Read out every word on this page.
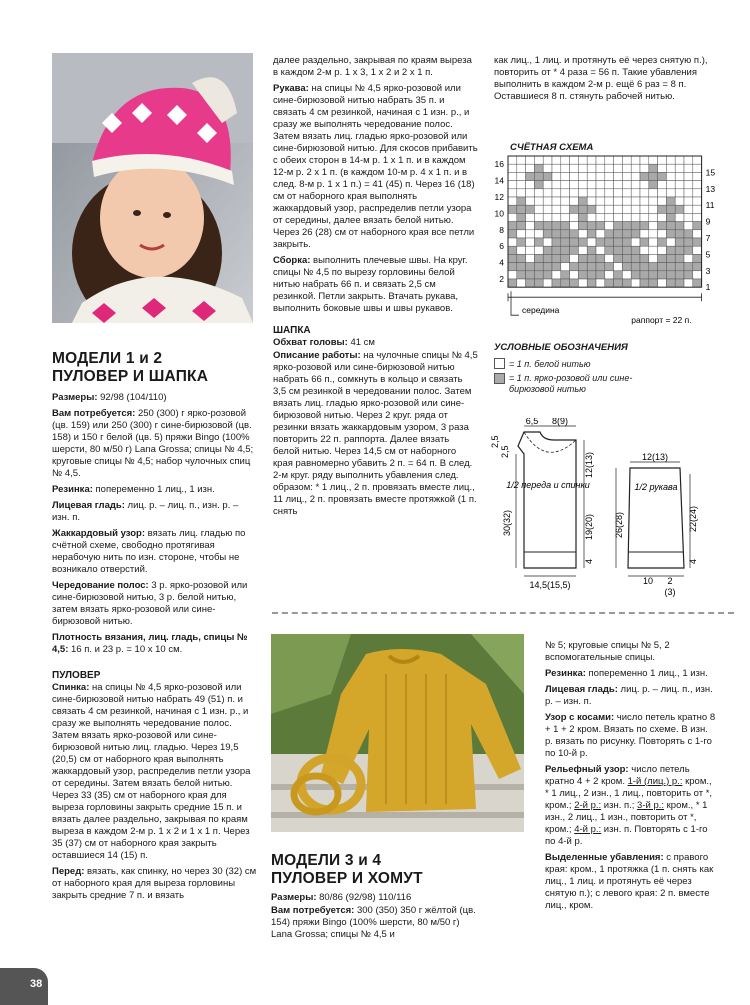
МОДЕЛИ 1 и 2
ПУЛОВЕР И ШАПКА

Размеры: 92/98 (104/110)

Вам потребуется: 250 (300) г ярко-розовой (цв. 159) или 250 (300) г сине-бирюзовой (цв. 158) и 150 г белой (цв. 5) пряжи Bingo (100% шерсти, 80 м/50 г) Lana Grossa; спицы № 4,5; круговые спицы № 4,5; набор чулочных спиц № 4,5.

Резинка: попеременно 1 лиц., 1 изн.

Лицевая гладь: лиц. р. – лиц. п., изн. р. – изн. п.

Жаккардовый узор: вязать лиц. гладью по счётной схеме, свободно протягивая нерабочую нить по изн. стороне, чтобы не возникало отверстий.

Чередование полос: 3 р. ярко-розовой или сине-бирюзовой нитью, 3 р. белой нитью, затем вязать ярко-розовой или сине-бирюзовой нитью.

Плотность вязания, лиц. гладь, спицы № 4,5: 16 п. и 23 р. = 10 х 10 см.

ПУЛОВЕР

Спинка: на спицы № 4,5 ярко-розовой или сине-бирюзовой нитью набрать 49 (51) п. и связать 4 см резинкой, начиная с 1 изн. р., и сразу же выполнять чередование полос. Затем вязать ярко-розовой или сине-бирюзовой нитью лиц. гладью. Через 19,5 (20,5) см от наборного края выполнять жаккардовый узор, распределив петли узора от середины. Затем вязать белой нитью. Через 33 (35) см от наборного края для выреза горловины закрыть средние 15 п. и вязать далее раздельно, закрывая по краям выреза в каждом 2-м р. 1 х 2 и 1 х 1 п. Через 35 (37) см от наборного края закрыть оставшиеся 14 (15) п.

Перед: вязать, как спинку, но через 30 (32) см от наборного края для выреза горловины закрыть средние 7 п. и вязать

далее раздельно, закрывая по краям выреза в каждом 2-м р. 1 х 3, 1 х 2 и 2 х 1 п.

Рукава: на спицы № 4,5 ярко-розовой или сине-бирюзовой нитью набрать 35 п. и связать 4 см резинкой, начиная с 1 изн. р., и сразу же выполнять чередование полос. Затем вязать лиц. гладью ярко-розовой или сине-бирюзовой нитью. Для скосов прибавить с обеих сторон в 14-м р. 1 х 1 п. и в каждом 12-м р. 2 х 1 п. (в каждом 10-м р. 4 х 1 п. и в след. 8-м р. 1 х 1 п.) = 41 (45) п. Через 16 (18) см от наборного края выполнять жаккардовый узор, распределив петли узора от середины, далее вязать белой нитью. Через 26 (28) см от наборного края все петли закрыть.

Сборка: выполнить плечевые швы. На круг. спицы № 4,5 по вырезу горловины белой нитью набрать 66 п. и связать 2,5 см резинкой. Петли закрыть. Втачать рукава, выполнить боковые швы и швы рукавов.

ШАПКА

Обхват головы: 41 см

Описание работы: на чулочные спицы № 4,5 ярко-розовой или сине-бирюзовой нитью набрать 66 п., сомкнуть в кольцо и связать 3,5 см резинкой в чередовании полос. Затем вязать лиц. гладью ярко-розовой или сине-бирюзовой нитью. Через 2 круг. ряда от резинки вязать жаккардовым узором, 3 раза повторить 22 п. раппорта. Далее вязать белой нитью. Через 14,5 см от наборного края равномерно убавить 2 п. = 64 п. В след. 2-м круг. ряду выполнить убавления след. образом: * 1 лиц., 2 п. провязать вместе лиц., 11 лиц., 2 п. провязать вместе протяжкой (1 п. снять

как лиц., 1 лиц. и протянуть её через снятую п.), повторить от * 4 раза = 56 п. Такие убавления выполнить в каждом 2-м р. ещё 6 раз = 8 п. Оставшиеся 8 п. стянуть рабочей нитью.

СЧЁТНАЯ СХЕМА
16
14
12
10
8
6
4
2
15
13
11
9
7
5
3
1
середина
раппорт = 22 п.
УСЛОВНЫЕ ОБОЗНАЧЕНИЯ
= 1 п. белой нитью
= 1 п. ярко-розовой или сине-бирюзовой нитью
1/2 переда и спинки
6,5 8(9)
2,5
2,5
30(32)
12(13)
19(20)
4
14,5(15,5)
1/2 рукава
12(13)
26(28)	22(24)
4
10 2
(3)
МОДЕЛИ 3 и 4
ПУЛОВЕР И ХОМУТ

Размеры: 80/86 (92/98) 110/116

Вам потребуется: 300 (350) 350 г жёлтой (цв. 154) пряжи Bingo (100% шерсти, 80 м/50 г) Lana Grossa; спицы № 4,5 и

№ 5; круговые спицы № 5, 2 вспомогательные спицы.

Резинка: попеременно 1 лиц., 1 изн.

Лицевая гладь: лиц. р. – лиц. п., изн. р. – изн. п.

Узор с косами: число петель кратно 8 + 1 + 2 кром. Вязать по схеме. В изн. р. вязать по рисунку. Повторять с 1-го по 10-й р.

Рельефный узор: число петель кратно 4 + 2 кром. 1-й (лиц.) р.: кром., * 1 лиц., 2 изн., 1 лиц., повторить от *, кром.; 2-й р.: изн. п.; 3-й р.: кром., * 1 изн., 2 лиц., 1 изн., повторить от *, кром.; 4-й р.: изн. п. Повторять с 1-го по 4-й р.

Выделенные убавления: с правого края: кром., 1 протяжка (1 п. снять как лиц., 1 лиц. и протянуть её через снятую п.); с левого края: 2 п. вместе лиц., кром.

38
